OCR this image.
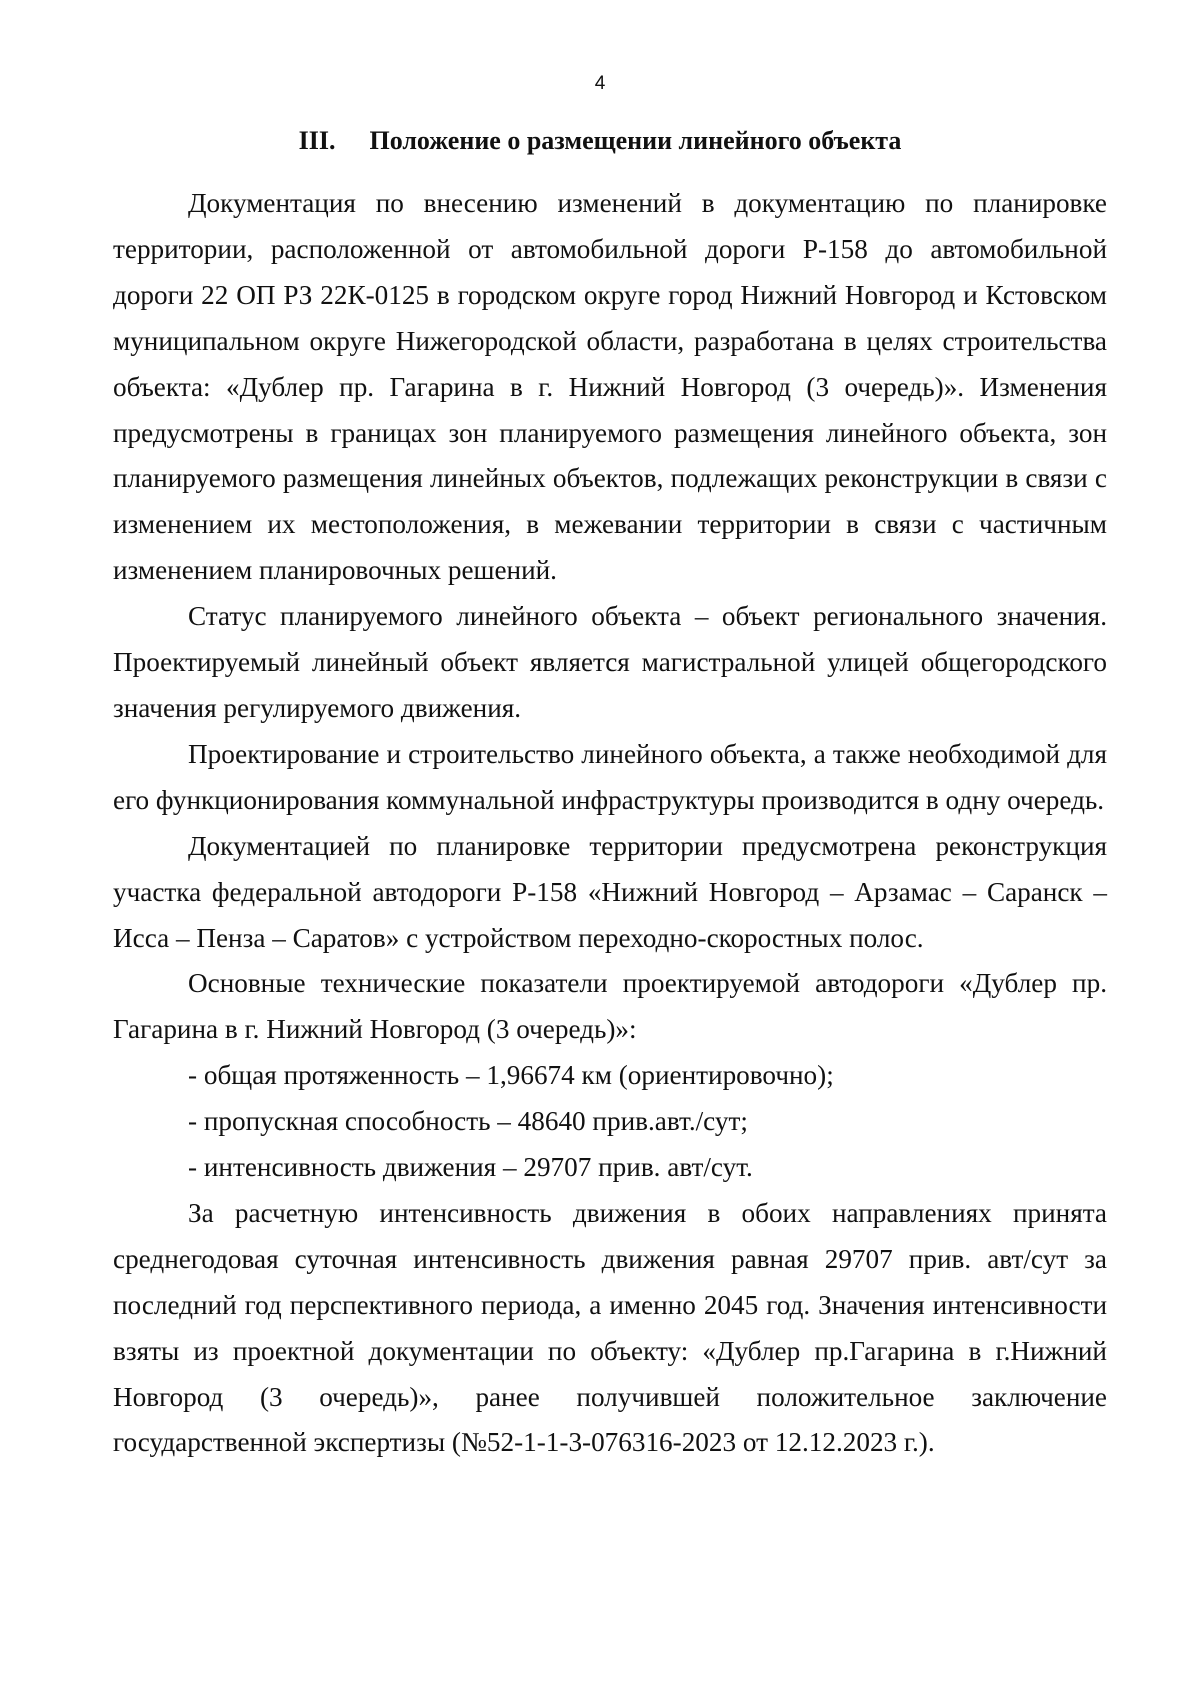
4
III. Положение о размещении линейного объекта

Документация по внесению изменений в документацию по планировке территории, расположенной от автомобильной дороги Р-158 до автомобильной дороги 22 ОП РЗ 22К-0125 в городском округе город Нижний Новгород и Кстовском муниципальном округе Нижегородской области, разработана в целях строительства объекта: «Дублер пр. Гагарина в г. Нижний Новгород (3 очередь)». Изменения предусмотрены в границах зон планируемого размещения линейного объекта, зон планируемого размещения линейных объектов, подлежащих реконструкции в связи с изменением их местоположения, в межевании территории в связи с частичным изменением планировочных решений.

Статус планируемого линейного объекта – объект регионального значения. Проектируемый линейный объект является магистральной улицей общегородского значения регулируемого движения.

Проектирование и строительство линейного объекта, а также необходимой для его функционирования коммунальной инфраструктуры производится в одну очередь.

Документацией по планировке территории предусмотрена реконструкция участка федеральной автодороги Р-158 «Нижний Новгород – Арзамас – Саранск – Исса – Пенза – Саратов» с устройством переходно-скоростных полос.

Основные технические показатели проектируемой автодороги «Дублер пр. Гагарина в г. Нижний Новгород (3 очередь)»:

- общая протяженность – 1,96674 км (ориентировочно);
- пропускная способность – 48640 прив.авт./сут;
- интенсивность движения – 29707 прив. авт/сут.

За расчетную интенсивность движения в обоих направлениях принята среднегодовая суточная интенсивность движения равная 29707 прив. авт/сут за последний год перспективного периода, а именно 2045 год. Значения интенсивности взяты из проектной документации по объекту: «Дублер пр.Гагарина в г.Нижний Новгород (3 очередь)», ранее получившей положительное заключение государственной экспертизы (№52-1-1-3-076316-2023 от 12.12.2023 г.).
